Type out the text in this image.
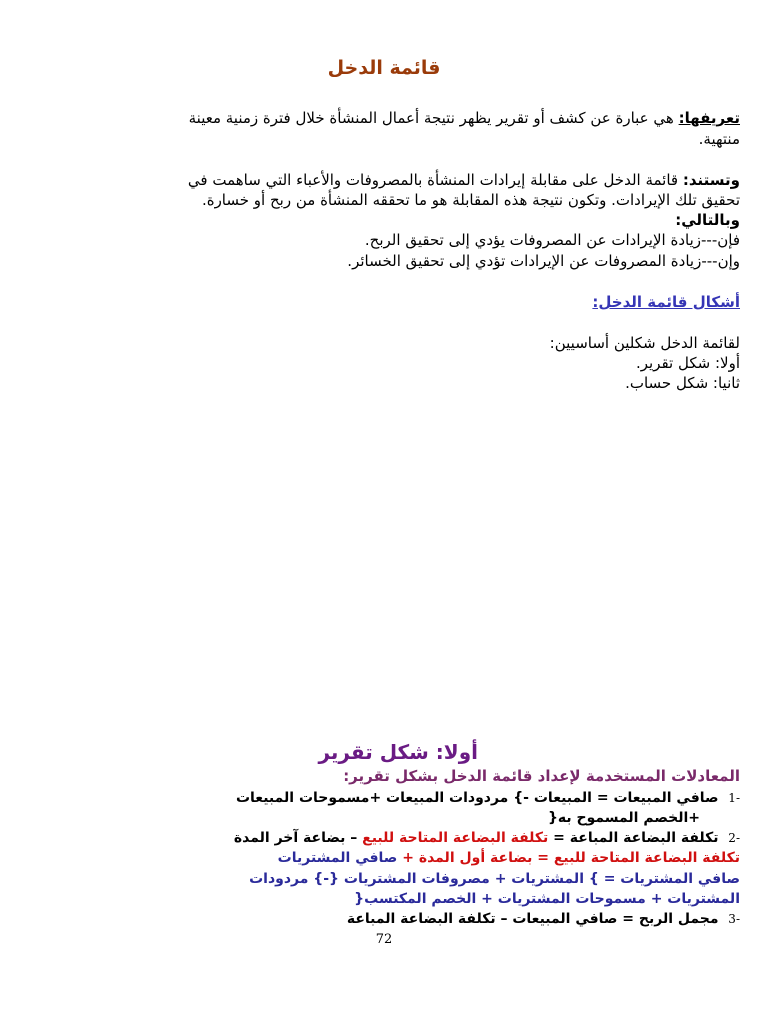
قائمة الدخل
تعريفها: هي عبارة عن كشف أو تقرير يظهر نتيجة أعمال المنشأة خلال فترة زمنية معينة
منتهية.
وتستند: قائمة الدخل على مقابلة إيرادات المنشأة بالمصروفات والأعباء التي ساهمت في
تحقيق تلك الإيرادات. وتكون نتيجة هذه المقابلة هو ما تحققه المنشأة من ربح أو خسارة.
وبالتالي:
فإن---زيادة الإيرادات عن المصروفات يؤدي إلى تحقيق الربح.
وإن---زيادة المصروفات عن الإيرادات تؤدي إلى تحقيق الخسائر.
أشكال قائمة الدخل:
لقائمة الدخل شكلين أساسيين:
أولا: شكل تقرير.
ثانيا: شكل حساب.
أولا: شكل تقرير
المعادلات المستخدمة لإعداد قائمة الدخل بشكل تقرير:
-1  صافي المبيعات = المبيعات -} مردودات المبيعات +مسموحات المبيعات
+الخصم المسموح به{
-2  تكلفة البضاعة المباعة = تكلفة البضاعة المتاحة للبيع – بضاعة آخر المدة
تكلفة البضاعة المتاحة للبيع = بضاعة أول المدة + صافي المشتريات
صافي المشتريات = } المشتريات + مصروفات المشتريات {-} مردودات
المشتريات + مسموحات المشتريات + الخصم المكتسب{
-3  مجمل الربح = صافي المبيعات – تكلفة البضاعة المباعة
72
